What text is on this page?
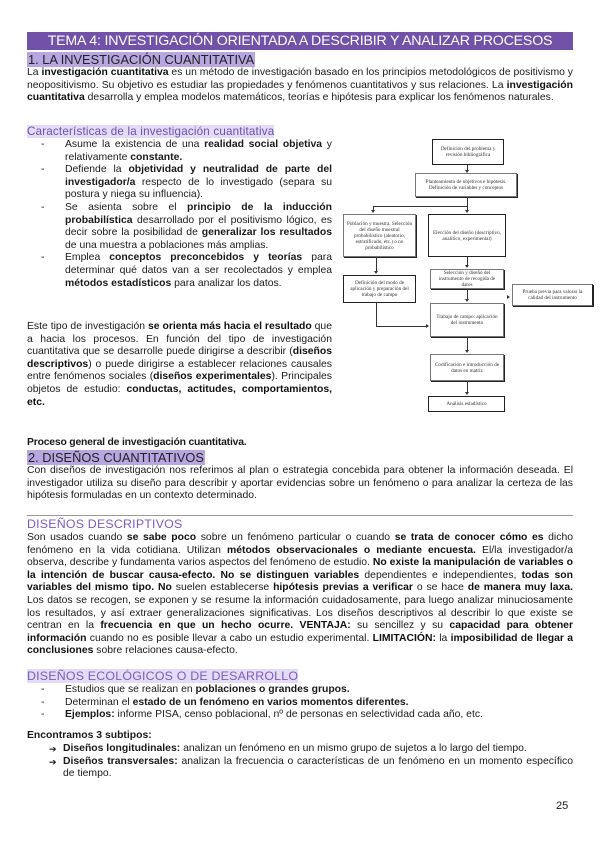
TEMA 4: INVESTIGACIÓN ORIENTADA A DESCRIBIR Y ANALIZAR PROCESOS
1. LA INVESTIGACIÓN CUANTITATIVA
La investigación cuantitativa es un método de investigación basado en los principios metodológicos de positivismo y neopositivismo. Su objetivo es estudiar las propiedades y fenómenos cuantitativos y sus relaciones. La investigación cuantitativa desarrolla y emplea modelos matemáticos, teorías e hipótesis para explicar los fenómenos naturales.
Características de la investigación cuantitativa
- Asume la existencia de una realidad social objetiva y relativamente constante.
- Defiende la objetividad y neutralidad de parte del investigador/a respecto de lo investigado (separa su postura y niega su influencia).
- Se asienta sobre el principio de la inducción probabilística desarrollado por el positivismo lógico, es decir sobre la posibilidad de generalizar los resultados de una muestra a poblaciones más amplias.
- Emplea conceptos preconcebidos y teorías para determinar qué datos van a ser recolectados y emplea métodos estadísticos para analizar los datos.
Este tipo de investigación se orienta más hacia el resultado que a hacia los procesos. En función del tipo de investigación cuantitativa que se desarrolle puede dirigirse a describir (diseños descriptivos) o puede dirigirse a establecer relaciones causales entre fenómenos sociales (diseños experimentales). Principales objetos de estudio: conductas, actitudes, comportamientos, etc.
Definición del problema y revisión bibliográfica
Planteamiento de objetivos e hipótesis. Definición de variables y conceptos
Población y muestra. Selección del diseño muestral probabilístico (aleatorio, estratificado, etc.) o no probabilístico
Elección del diseño (descriptivo, analítico, experimental)
Selección y diseño del instrumento de recogida de datos
Definición del modo de aplicación y preparación del trabajo de campo	Prueba previa para valorar la calidad del instrumento
Trabajo de campo: aplicación del instrumento
Codificación e introducción de datos en matriz
Análisis estadístico
Proceso general de investigación cuantitativa.
2. DISEÑOS CUANTITATIVOS
Con diseños de investigación nos referimos al plan o estrategia concebida para obtener la información deseada. El investigador utiliza su diseño para describir y aportar evidencias sobre un fenómeno o para analizar la certeza de las hipótesis formuladas en un contexto determinado.
DISEÑOS DESCRIPTIVOS
Son usados cuando se sabe poco sobre un fenómeno particular o cuando se trata de conocer cómo es dicho fenómeno en la vida cotidiana. Utilizan métodos observacionales o mediante encuesta. El/la investigador/a observa, describe y fundamenta varios aspectos del fenómeno de estudio. No existe la manipulación de variables o la intención de buscar causa-efecto. No se distinguen variables dependientes e independientes, todas son variables del mismo tipo. No suelen establecerse hipótesis previas a verificar o se hace de manera muy laxa. Los datos se recogen, se exponen y se resume la información cuidadosamente, para luego analizar minuciosamente los resultados, y así extraer generalizaciones significativas. Los diseños descriptivos al describir lo que existe se centran en la frecuencia en que un hecho ocurre. VENTAJA: su sencillez y su capacidad para obtener información cuando no es posible llevar a cabo un estudio experimental. LIMITACIÓN: la imposibilidad de llegar a conclusiones sobre relaciones causa-efecto.
DISEÑOS ECOLÓGICOS O DE DESARROLLO
- Estudios que se realizan en poblaciones o grandes grupos.
- Determinan el estado de un fenómeno en varios momentos diferentes.
- Ejemplos: informe PISA, censo poblacional, nº de personas en selectividad cada año, etc.
Encontramos 3 subtipos:
➔ Diseños longitudinales: analizan un fenómeno en un mismo grupo de sujetos a lo largo del tiempo.
➔ Diseños transversales: analizan la frecuencia o características de un fenómeno en un momento específico de tiempo.
25
